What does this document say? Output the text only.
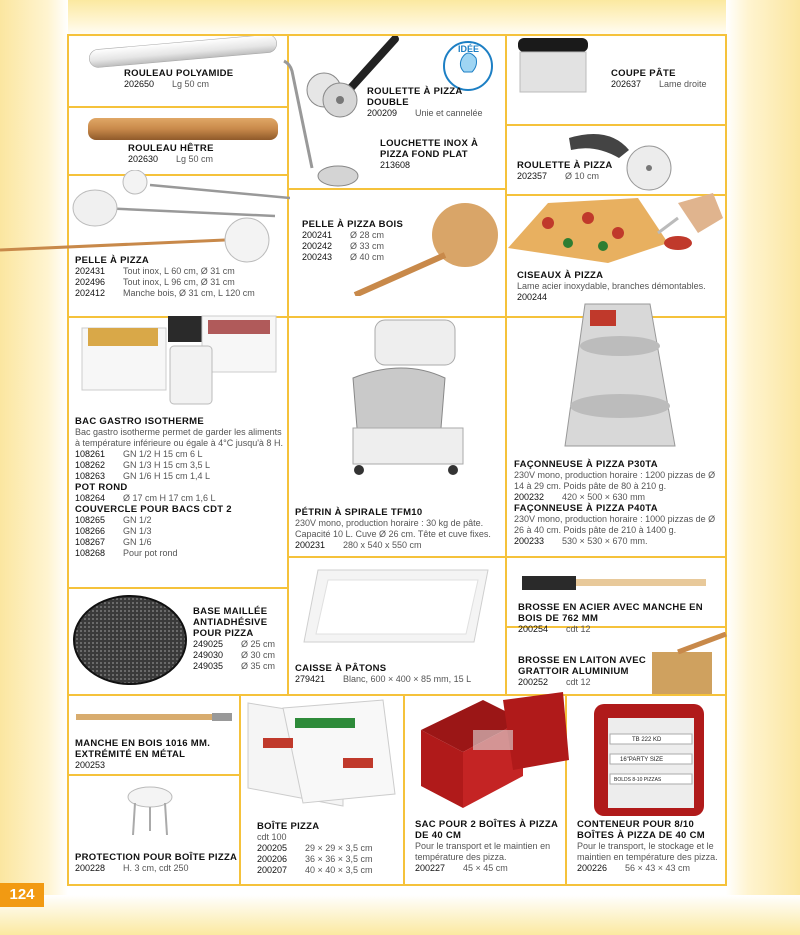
IDÉE
TB 222 KD
16"PARTY SIZE
BOLDS 8-10 PIZZAS
ROULEAU POLYAMIDE
202650 Lg 50 cm
ROULETTE À PIZZA DOUBLE
200209 Unie et cannelée
COUPE PÂTE
202637 Lame droite
ROULEAU HÊTRE
202630 Lg 50 cm
LOUCHETTE INOX À PIZZA FOND PLAT
213608	ROULETTE À PIZZA
202357 Ø 10 cm
PELLE À PIZZA BOIS
200241 Ø 28 cm
200242 Ø 33 cm
200243 Ø 40 cm
PELLE À PIZZA
202431 Tout inox, L 60 cm, Ø 31 cm
202496 Tout inox, L 96 cm, Ø 31 cm
202412 Manche bois, Ø 31 cm, L 120 cm
CISEAUX À PIZZA
Lame acier inoxydable, branches démontables.
200244
BAC GASTRO ISOTHERME
Bac gastro isotherme permet de garder les aliments à température inférieure ou égale à 4°C jusqu'à 8 H.
108261 GN 1/2 H 15 cm 6 L
108262 GN 1/3 H 15 cm 3,5 L
108263 GN 1/6 H 15 cm 1,4 L
POT ROND
108264 Ø 17 cm H 17 cm 1,6 L
COUVERCLE POUR BACS CDT 2
108265 GN 1/2
108266 GN 1/3
108267 GN 1/6
108268 Pour pot rond
PÉTRIN À SPIRALE TFM10
230V mono, production horaire : 30 kg de pâte. Capacité 10 L. Cuve Ø 26 cm. Tête et cuve fixes.
200231 280 x 540 x 550 cm
FAÇONNEUSE À PIZZA P30TA
230V mono, production horaire : 1200 pizzas de Ø 14 à 29 cm. Poids pâte de 80 à 210 g.
200232 420 × 500 × 630 mm
FAÇONNEUSE À PIZZA P40TA
230V mono, production horaire : 1000 pizzas de Ø 26 à 40 cm. Poids pâte de 210 à 1400 g.
200233 530 × 530 × 670 mm.
BASE MAILLÉE ANTIADHÉSIVE POUR PIZZA
249025 Ø 25 cm
249030 Ø 30 cm
249035 Ø 35 cm	CAISSE À PÂTONS
279421 Blanc, 600 × 400 × 85 mm, 15 L
BROSSE EN ACIER AVEC MANCHE EN BOIS DE 762 MM
200254 cdt 12
BROSSE EN LAITON AVEC GRATTOIR ALUMINIUM
200252 cdt 12
MANCHE EN BOIS 1016 MM. EXTRÉMITÉ EN MÉTAL
200253
PROTECTION POUR BOÎTE PIZZA
200228 H. 3 cm, cdt 250
BOÎTE PIZZA
cdt 100
200205 29 × 29 × 3,5 cm
200206 36 × 36 × 3,5 cm
200207 40 × 40 × 3,5 cm
SAC POUR 2 BOÎTES À PIZZA DE 40 CM
Pour le transport et le maintien en température des pizza.
200227 45 × 45 cm
CONTENEUR POUR 8/10 BOÎTES À PIZZA DE 40 CM
Pour le transport, le stockage et le maintien en température des pizza.
200226 56 × 43 × 43 cm
124
